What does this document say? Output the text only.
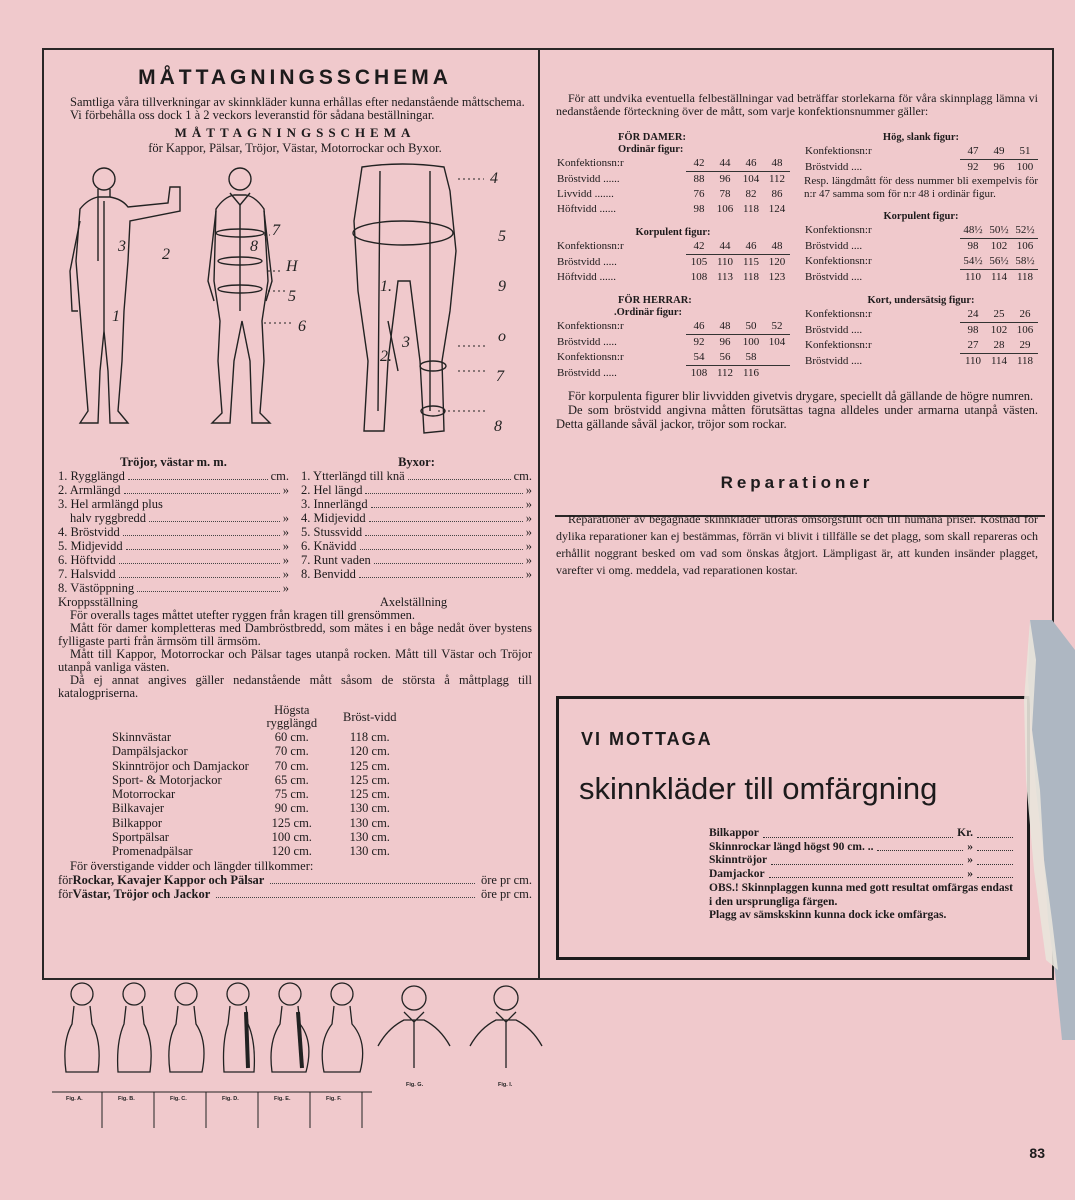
MÅTTAGNINGSSCHEMA

Samtliga våra tillverkningar av skinnkläder kunna erhållas efter nedanstående måttschema.

Vi förbehålla oss dock 1 à 2 veckors leveranstid för sådana beställningar.

MÅTTAGNINGSSCHEMA
för Kappor, Pälsar, Tröjor, Västar, Motorrockar och Byxor.
3 2
1
7
8
H
5
6
4
5
9
o
7
8
1.
2.
3
Tröjor, västar m. m.
1. Rygglängd	cm.
2. Armlängd	»
3. Hel armlängd plus
halv ryggbredd	»
4. Bröstvidd	»
5. Midjevidd	»
6. Höftvidd	»
7. Halsvidd	»
8. Västöppning	»
Byxor:
1. Ytterlängd till knä	cm.
2. Hel längd	»
3. Innerlängd	»
4. Midjevidd	»
5. Stussvidd	»
6. Knävidd	»
7. Runt vaden	»
8. Benvidd	»
Kroppsställning	Axelställning

För overalls tages måttet utefter ryggen från kragen till grensömmen.

Mått för damer kompletteras med Dambröstbredd, som mätes i en båge nedåt över bystens fylligaste parti från ärmsöm till ärmsöm.

Mått till Kappor, Motorrockar och Pälsar tages utanpå rocken. Mått till Västar och Tröjor utanpå vanliga västen.

Då ej annat angives gäller nedanstående mått såsom de största å måttplagg till katalogpriserna.

	Högsta rygglängd	Bröst-vidd
Skinnvästar	60 cm.	118 cm.
Dampälsjackor	70 cm.	120 cm.
Skinntröjor och Damjackor	70 cm.	125 cm.
Sport- & Motorjackor	65 cm.	125 cm.
Motorrockar	75 cm.	125 cm.
Bilkavajer	90 cm.	130 cm.
Bilkappor	125 cm.	130 cm.
Sportpälsar	100 cm.	130 cm.
Promenadpälsar	120 cm.	130 cm.
För överstigande vidder och längder tillkommer:
för Rockar, Kavajer Kappor och Pälsar	öre pr cm.
för Västar, Tröjor och Jackor	öre pr cm.
Fig. A.	Fig. B.	Fig. C.	Fig. D.	Fig. E.	Fig. F.
Fig. G.	Fig. I.

För att undvika eventuella felbeställningar vad beträffar storlekarna för våra skinnplagg lämna vi nedanstående förteckning över de mått, som varje konfektionsnummer gäller:

FÖR DAMER:
Ordinär figur:
Konfektionsn:r	42	44	46	48
Bröstvidd ......	88	96	104	112
Livvidd .......	76	78	82	86
Höftvidd ......	98	106	118	124
Korpulent figur:
Konfektionsn:r	42	44	46	48
Bröstvidd .....	105	110	115	120
Höftvidd ......	108	113	118	123
FÖR HERRAR:
.Ordinär figur:
Konfektionsn:r	46	48	50	52
Bröstvidd .....	92	96	100	104
Konfektionsn:r	54	56	58	
Bröstvidd .....	108	112	116	
Hög, slank figur:
Konfektionsn:r	47	49	51
Bröstvidd ....	92	96	100

Resp. längdmått för dess nummer bli exempelvis för n:r 47 samma som för n:r 48 i ordinär figur.

Korpulent figur:
Konfektionsn:r	48½	50½	52½
Bröstvidd ....	98	102	106
Konfektionsn:r	54½	56½	58½
Bröstvidd ....	110	114	118
Kort, undersätsig figur:
Konfektionsn:r	24	25	26
Bröstvidd ....	98	102	106
Konfektionsn:r	27	28	29
Bröstvidd ....	110	114	118

För korpulenta figurer blir livvidden givetvis drygare, speciellt då gällande de högre numren.

De som bröstvidd angivna måtten förutsättas tagna alldeles under armarna utanpå västen. Detta gällande såväl jackor, tröjor som rockar.

Reparationer

Reparationer av begagnade skinnkläder utföras omsorgsfullt och till humana priser. Kostnad för dylika reparationer kan ej bestämmas, förrän vi blivit i tillfälle se det plagg, som skall repareras och erhållit noggrant besked om vad som önskas åtgjort. Lämpligast är, att kunden insänder plagget, varefter vi omg. meddela, vad reparationen kostar.

VI MOTTAGA
skinnkläder till omfärgning
Bilkappor	Kr.
Skinnrockar längd högst 90 cm. ..	»
Skinntröjor	»
Damjackor	»
OBS.! Skinnplaggen kunna med gott resultat omfärgas endast i den ursprungliga färgen.
Plagg av sämskskinn kunna dock icke omfärgas.
83
